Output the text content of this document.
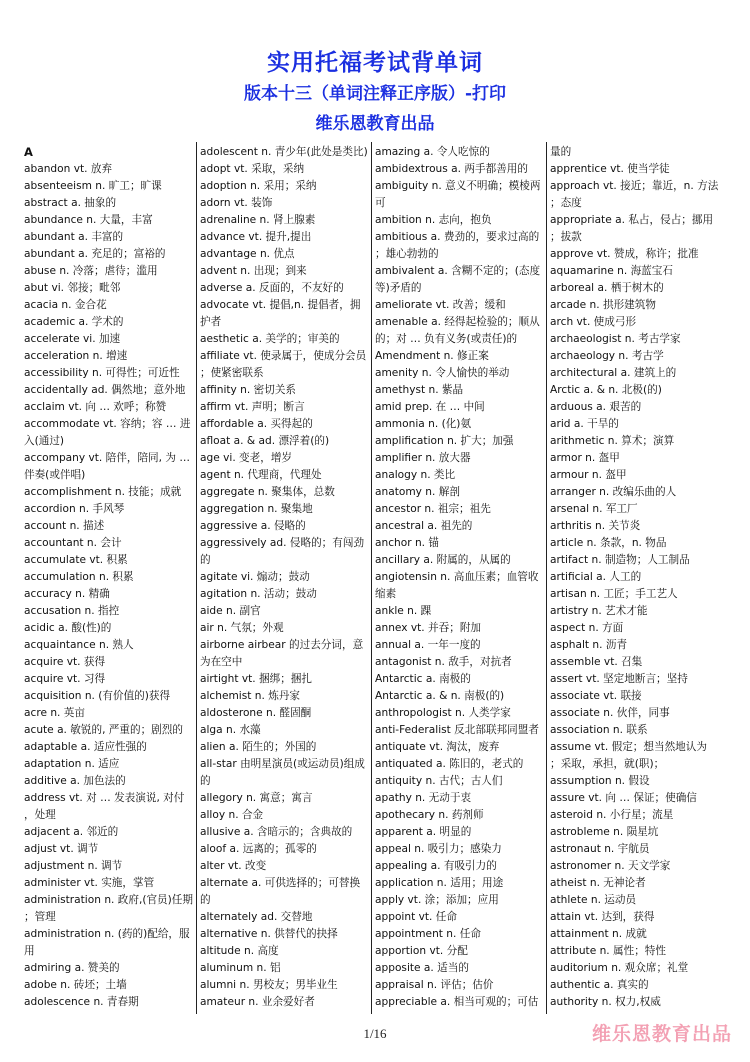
实用托福考试背单词
版本十三（单词注释正序版）-打印
维乐恩教育出品
A
abandon vt. 放弃
absenteeism n. 旷工；旷课
abstract a. 抽象的
abundance n. 大量，丰富
abundant a. 丰富的
abundant a. 充足的；富裕的
abuse n. 冷落；虐待；滥用
abut vi. 邻接；毗邻
acacia n. 金合花
academic a. 学术的
accelerate vi. 加速
acceleration n. 增速
accessibility n. 可得性；可近性
accidentally ad. 偶然地；意外地
acclaim vt. 向 … 欢呼；称赞
accommodate vt. 容纳；容 … 进
入(通过)
accompany vt. 陪伴，陪同, 为 …
伴奏(或伴唱)
accomplishment n. 技能；成就
accordion n. 手风琴
account n. 描述
accountant n. 会计
accumulate vt. 积累
accumulation n. 积累
accuracy n. 精确
accusation n. 指控
acidic a. 酸(性)的
acquaintance n. 熟人
acquire vt. 获得
acquire vt. 习得
acquisition n. (有价值的)获得
acre n. 英亩
acute a. 敏锐的, 严重的；剧烈的
adaptable a. 适应性强的
adaptation n. 适应
additive a. 加色法的
address vt. 对 … 发表演说, 对付
，处理
adjacent a. 邻近的
adjust vt. 调节
adjustment n. 调节
administer vt. 实施，掌管
administration n. 政府,(官员)任期
；管理
administration n. (药的)配给，服
用
admiring a. 赞美的
adobe n. 砖坯；土墙
adolescence n. 青春期
adolescent n. 青少年(此处是类比)
adopt vt. 采取，采纳
adoption n. 采用；采纳
adorn vt. 装饰
adrenaline n. 肾上腺素
advance vt. 提升,提出
advantage n. 优点
advent n. 出现；到来
adverse a. 反面的，不友好的
advocate vt. 提倡,n. 提倡者，拥
护者
aesthetic a. 美学的；审美的
affiliate vt. 使录属于，使成分会员
；使紧密联系
affinity n. 密切关系
affirm vt. 声明；断言
affordable a. 买得起的
afloat a. & ad. 漂浮着(的)
age vi. 变老，增岁
agent n. 代理商，代理处
aggregate n. 聚集体，总数
aggregation n. 聚集地
aggressive a. 侵略的
aggressively ad. 侵略的；有闯劲
的
agitate vi. 煽动；鼓动
agitation n. 活动；鼓动
aide n. 副官
air n. 气氛；外观
airborne airbear 的过去分词，意
为在空中
airtight vt. 捆绑；捆扎
alchemist n. 炼丹家
aldosterone n. 醛固酮
alga n. 水藻
alien a. 陌生的；外国的
all-star 由明星演员(或运动员)组成
的
allegory n. 寓意；寓言
alloy n. 合金
allusive a. 含暗示的；含典故的
aloof a. 远离的；孤零的
alter vt. 改变
alternate a. 可供选择的；可替换
的
alternately ad. 交替地
alternative n. 供替代的抉择
altitude n. 高度
aluminum n. 铝
alumni n. 男校友；男毕业生
amateur n. 业余爱好者
amazing a. 令人吃惊的
ambidextrous a. 两手都善用的
ambiguity n. 意义不明确；模棱两
可
ambition n. 志向，抱负
ambitious a. 费劲的，要求过高的
；雄心勃勃的
ambivalent a. 含糊不定的；(态度
等)矛盾的
ameliorate vt. 改善；缓和
amenable a. 经得起检验的；顺从
的；对 … 负有义务(或责任)的
Amendment n. 修正案
amenity n. 令人愉快的举动
amethyst n. 紫晶
amid prep. 在 … 中间
ammonia n. (化)氨
amplification n. 扩大；加强
amplifier n. 放大器
analogy n. 类比
anatomy n. 解剖
ancestor n. 祖宗；祖先
ancestral a. 祖先的
anchor n. 锚
ancillary a. 附属的，从属的
angiotensin n. 高血压素；血管收
缩素
ankle n. 踝
annex vt. 并吞；附加
annual a. 一年一度的
antagonist n. 敌手，对抗者
Antarctic a. 南极的
Antarctic a. & n. 南极(的)
anthropologist n. 人类学家
anti-Federalist 反北部联邦同盟者
antiquate vt. 淘汰，废弃
antiquated a. 陈旧的，老式的
antiquity n. 古代；古人们
apathy n. 无动于衷
apothecary n. 药剂师
apparent a. 明显的
appeal n. 吸引力；感染力
appealing a. 有吸引力的
application n. 适用；用途
apply vt. 涂；添加；应用
appoint vt. 任命
appointment n. 任命
apportion vt. 分配
apposite a. 适当的
appraisal n. 评估；估价
appreciable a. 相当可观的；可估
量的
apprentice vt. 使当学徒
approach vt. 接近；靠近，n. 方法
；态度
appropriate a. 私占，侵占；挪用
；拔款
approve vt. 赞成，称许；批准
aquamarine n. 海蓝宝石
arboreal a. 栖于树木的
arcade n. 拱形建筑物
arch vt. 使成弓形
archaeologist n. 考古学家
archaeology n. 考古学
architectural a. 建筑上的
Arctic a. & n. 北极(的)
arduous a. 艰苦的
arid a. 干旱的
arithmetic n. 算术；演算
armor n. 盔甲
armour n. 盔甲
arranger n. 改编乐曲的人
arsenal n. 军工厂
arthritis n. 关节炎
article n. 条款，n. 物品
artifact n. 制造物；人工制品
artificial a. 人工的
artisan n. 工匠；手工艺人
artistry n. 艺术才能
aspect n. 方面
asphalt n. 沥青
assemble vt. 召集
assert vt. 坚定地断言；坚持
associate vt. 联接
associate n. 伙伴，同事
association n. 联系
assume vt. 假定；想当然地认为
；采取，承担，就(职)；
assumption n. 假设
assure vt. 向 … 保证；使确信
asteroid n. 小行星；流星
astrobleme n. 陨星坑
astronaut n. 宇航员
astronomer n. 天文学家
atheist n. 无神论者
athlete n. 运动员
attain vt. 达到，获得
attainment n. 成就
attribute n. 属性；特性
auditorium n. 观众席；礼堂
authentic a. 真实的
authority n. 权力,权威
1/16	维乐恩教育出品
